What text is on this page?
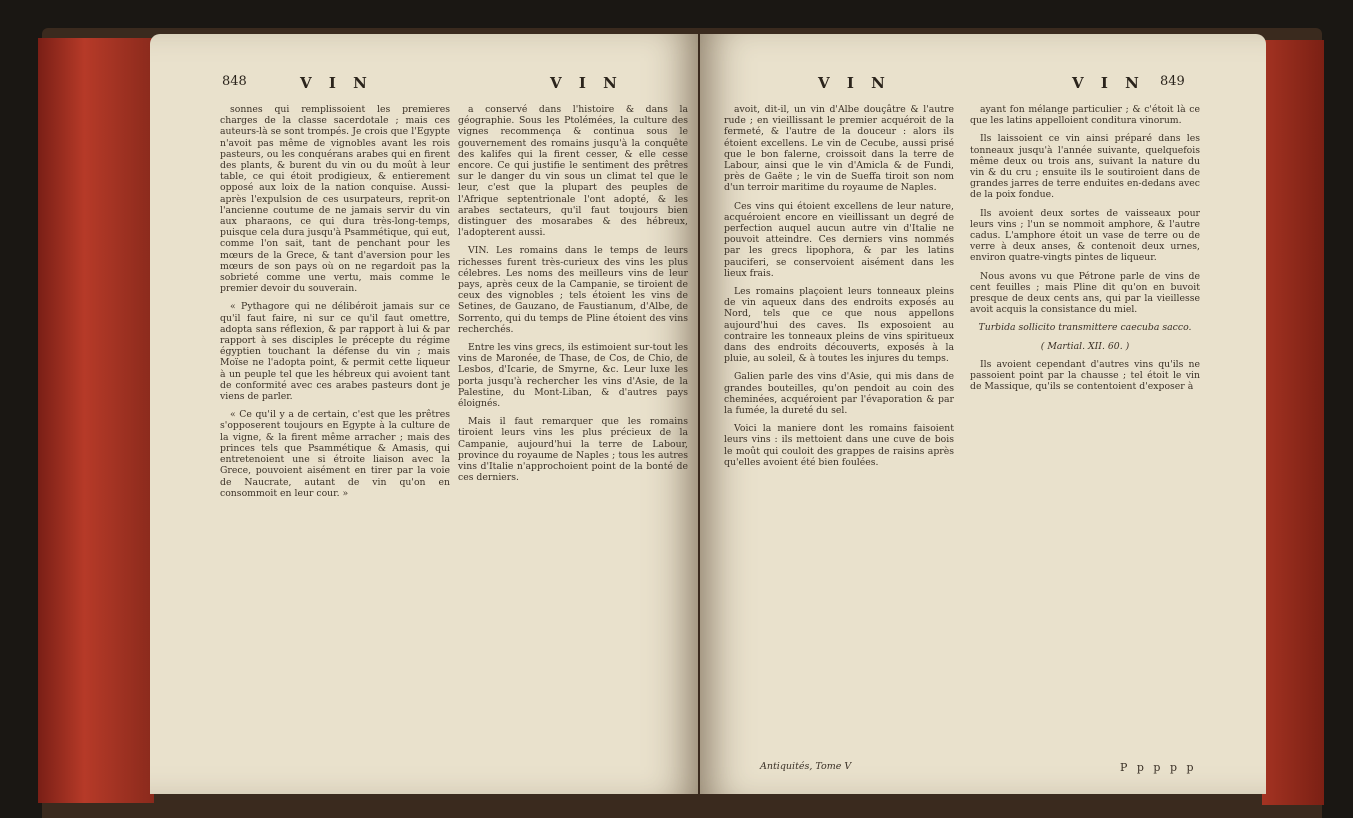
848	V I N	V I N

sonnes qui remplissoient les premieres charges de la classe sacerdotale ; mais ces auteurs-là se sont trompés. Je crois que l'Egypte n'avoit pas même de vignobles avant les rois pasteurs, ou les conquérans arabes qui en firent des plants, & burent du vin ou du moût à leur table, ce qui étoit prodigieux, & entierement opposé aux loix de la nation conquise. Aussi-après l'expulsion de ces usurpateurs, reprit-on l'ancienne coutume de ne jamais servir du vin aux pharaons, ce qui dura très-long-temps, puisque cela dura jusqu'à Psammétique, qui eut, comme l'on sait, tant de penchant pour les mœurs de la Grece, & tant d'aversion pour les mœurs de son pays où on ne regardoit pas la sobrieté comme une vertu, mais comme le premier devoir du souverain.

« Pythagore qui ne délibéroit jamais sur ce qu'il faut faire, ni sur ce qu'il faut omettre, adopta sans réflexion, & par rapport à lui & par rapport à ses disciples le précepte du régime égyptien touchant la défense du vin ; mais Moïse ne l'adopta point, & permit cette liqueur à un peuple tel que les hébreux qui avoient tant de conformité avec ces arabes pasteurs dont je viens de parler.

« Ce qu'il y a de certain, c'est que les prêtres s'opposerent toujours en Egypte à la culture de la vigne, & la firent même arracher ; mais des princes tels que Psammétique & Amasis, qui entretenoient une si étroite liaison avec la Grece, pouvoient aisément en tirer par la voie de Naucrate, autant de vin qu'on en consommoit en leur cour. »

a conservé dans l'histoire & dans la géographie. Sous les Ptolémées, la culture des vignes recommença & continua sous le gouvernement des romains jusqu'à la conquête des kalifes qui la firent cesser, & elle cesse encore. Ce qui justifie le sentiment des prêtres sur le danger du vin sous un climat tel que le leur, c'est que la plupart des peuples de l'Afrique septentrionale l'ont adopté, & les arabes sectateurs, qu'il faut toujours bien distinguer des mosarabes & des hébreux, l'adopterent aussi.

VIN. Les romains dans le temps de leurs richesses furent très-curieux des vins les plus célebres. Les noms des meilleurs vins de leur pays, après ceux de la Campanie, se tiroient de ceux des vignobles ; tels étoient les vins de Setines, de Gauzano, de Faustianum, d'Albe, de Sorrento, qui du temps de Pline étoient des vins recherchés.

Entre les vins grecs, ils estimoient sur-tout les vins de Maronée, de Thase, de Cos, de Chio, de Lesbos, d'Icarie, de Smyrne, &c. Leur luxe les porta jusqu'à rechercher les vins d'Asie, de la Palestine, du Mont-Liban, & d'autres pays éloignés.

Mais il faut remarquer que les romains tiroient leurs vins les plus précieux de la Campanie, aujourd'hui la terre de Labour, province du royaume de Naples ; tous les autres vins d'Italie n'approchoient point de la bonté de ces derniers.

V I N	V I N 849

avoit, dit-il, un vin d'Albe douçâtre & l'autre rude ; en vieillissant le premier acquéroit de la fermeté, & l'autre de la douceur : alors ils étoient excellens. Le vin de Cecube, aussi prisé que le bon falerne, croissoit dans la terre de Labour, ainsi que le vin d'Amicla & de Fundi, près de Gaëte ; le vin de Sueffa tiroit son nom d'un terroir maritime du royaume de Naples.

Ces vins qui étoient excellens de leur nature, acquéroient encore en vieillissant un degré de perfection auquel aucun autre vin d'Italie ne pouvoit atteindre. Ces derniers vins nommés par les grecs lipophora, & par les latins pauciferi, se conservoient aisément dans les lieux frais.

Les romains plaçoient leurs tonneaux pleins de vin aqueux dans des endroits exposés au Nord, tels que ce que nous appellons aujourd'hui des caves. Ils exposoient au contraire les tonneaux pleins de vins spiritueux dans des endroits découverts, exposés à la pluie, au soleil, & à toutes les injures du temps.

Galien parle des vins d'Asie, qui mis dans de grandes bouteilles, qu'on pendoit au coin des cheminées, acquéroient par l'évaporation & par la fumée, la dureté du sel.

Voici la maniere dont les romains faisoient leurs vins : ils mettoient dans une cuve de bois le moût qui couloit des grappes de raisins après qu'elles avoient été bien foulées.

ayant fon mélange particulier ; & c'étoit là ce que les latins appelloient conditura vinorum.

Ils laissoient ce vin ainsi préparé dans les tonneaux jusqu'à l'année suivante, quelquefois même deux ou trois ans, suivant la nature du vin & du cru ; ensuite ils le soutiroient dans de grandes jarres de terre enduites en-dedans avec de la poix fondue.

Ils avoient deux sortes de vaisseaux pour leurs vins ; l'un se nommoit amphore, & l'autre cadus. L'amphore étoit un vase de terre ou de verre à deux anses, & contenoit deux urnes, environ quatre-vingts pintes de liqueur.

Nous avons vu que Pétrone parle de vins de cent feuilles ; mais Pline dit qu'on en buvoit presque de deux cents ans, qui par la vieillesse avoit acquis la consistance du miel.

Turbida sollicito transmittere caecuba sacco.

( Martial. XII. 60. )

Ils avoient cependant d'autres vins qu'ils ne passoient point par la chausse ; tel étoit le vin de Massique, qu'ils se contentoient d'exposer à

Antiquités, Tome V	P p p p p
